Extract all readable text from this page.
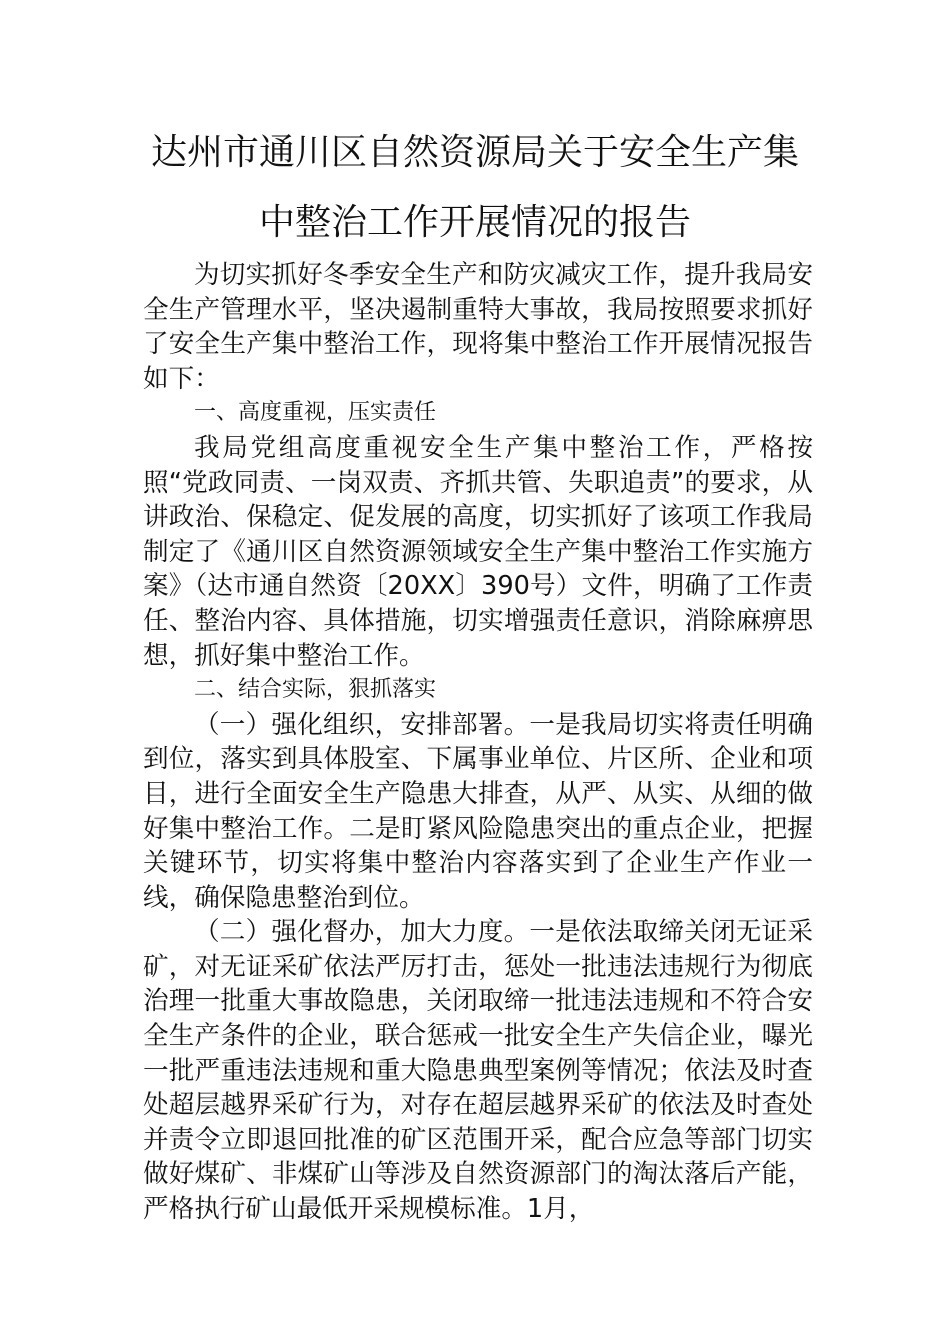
达州市通川区自然资源局关于安全生产集
中整治工作开展情况的报告

为切实抓好冬季安全生产和防灾减灾工作，提升我局安全生产管理水平，坚决遏制重特大事故，我局按照要求抓好了安全生产集中整治工作，现将集中整治工作开展情况报告如下：

一、高度重视，压实责任

我局党组高度重视安全生产集中整治工作，严格按照“党政同责、一岗双责、齐抓共管、失职追责”的要求，从讲政治、保稳定、促发展的高度，切实抓好了该项工作我局制定了《通川区自然资源领域安全生产集中整治工作实施方案》（达市通自然资〔20XX〕390号）文件，明确了工作责任、整治内容、具体措施，切实增强责任意识，消除麻痹思想，抓好集中整治工作。

二、结合实际，狠抓落实

（一）强化组织，安排部署。一是我局切实将责任明确到位，落实到具体股室、下属事业单位、片区所、企业和项目，进行全面安全生产隐患大排查，从严、从实、从细的做好集中整治工作。二是盯紧风险隐患突出的重点企业，把握关键环节，切实将集中整治内容落实到了企业生产作业一线，确保隐患整治到位。

（二）强化督办，加大力度。一是依法取缔关闭无证采矿，对无证采矿依法严厉打击，惩处一批违法违规行为彻底治理一批重大事故隐患，关闭取缔一批违法违规和不符合安全生产条件的企业，联合惩戒一批安全生产失信企业，曝光一批严重违法违规和重大隐患典型案例等情况；依法及时查处超层越界采矿行为，对存在超层越界采矿的依法及时查处并责令立即退回批准的矿区范围开采，配合应急等部门切实做好煤矿、非煤矿山等涉及自然资源部门的淘汰落后产能，严格执行矿山最低开采规模标准。1月，
